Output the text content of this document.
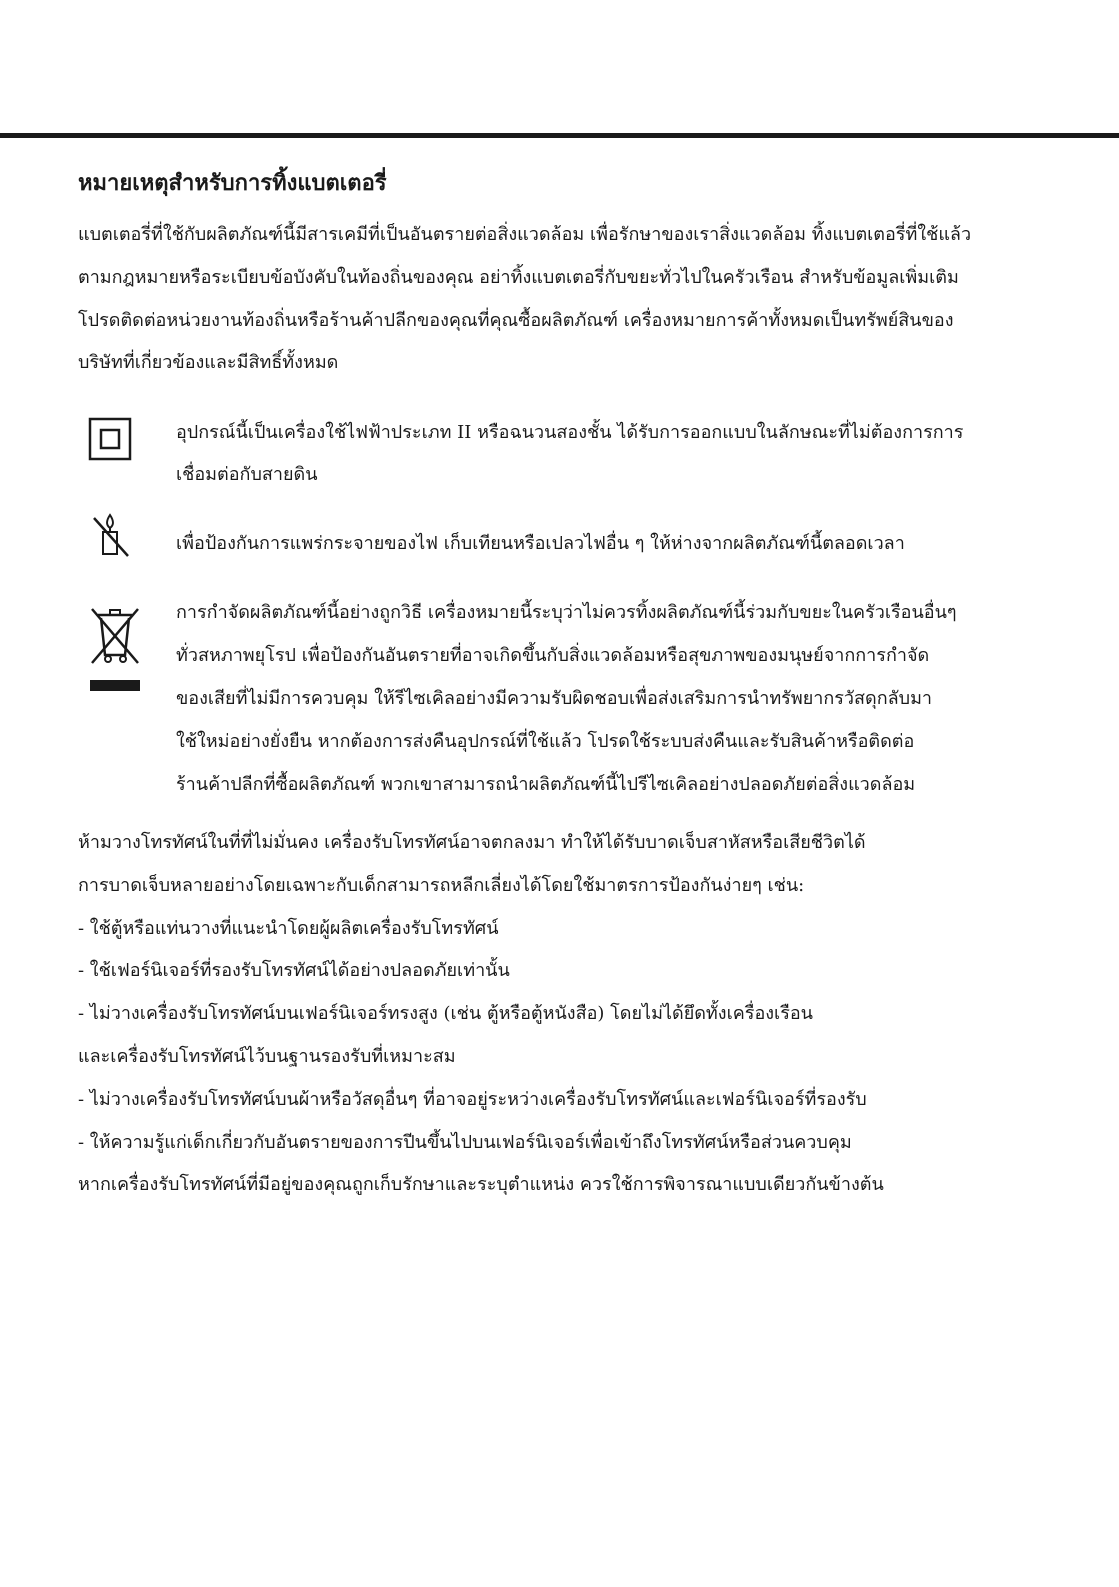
หมายเหตุสำหรับการทิ้งแบตเตอรี่
แบตเตอรี่ที่ใช้กับผลิตภัณฑ์นี้มีสารเคมีที่เป็นอันตรายต่อสิ่งแวดล้อม เพื่อรักษาของเราสิ่งแวดล้อม ทิ้งแบตเตอรี่ที่ใช้แล้ว
ตามกฎหมายหรือระเบียบข้อบังคับในท้องถิ่นของคุณ อย่าทิ้งแบตเตอรี่กับขยะทั่วไปในครัวเรือน สำหรับข้อมูลเพิ่มเติม
โปรดติดต่อหน่วยงานท้องถิ่นหรือร้านค้าปลีกของคุณที่คุณซื้อผลิตภัณฑ์ เครื่องหมายการค้าทั้งหมดเป็นทรัพย์สินของ
บริษัทที่เกี่ยวข้องและมีสิทธิ์ทั้งหมด
อุปกรณ์นี้เป็นเครื่องใช้ไฟฟ้าประเภท II หรือฉนวนสองชั้น ได้รับการออกแบบในลักษณะที่ไม่ต้องการการ
เชื่อมต่อกับสายดิน
เพื่อป้องกันการแพร่กระจายของไฟ เก็บเทียนหรือเปลวไฟอื่น ๆ ให้ห่างจากผลิตภัณฑ์นี้ตลอดเวลา
การกำจัดผลิตภัณฑ์นี้อย่างถูกวิธี เครื่องหมายนี้ระบุว่าไม่ควรทิ้งผลิตภัณฑ์นี้ร่วมกับขยะในครัวเรือนอื่นๆ
ทั่วสหภาพยุโรป เพื่อป้องกันอันตรายที่อาจเกิดขึ้นกับสิ่งแวดล้อมหรือสุขภาพของมนุษย์จากการกำจัด
ของเสียที่ไม่มีการควบคุม ให้รีไซเคิลอย่างมีความรับผิดชอบเพื่อส่งเสริมการนำทรัพยากรวัสดุกลับมา
ใช้ใหม่อย่างยั่งยืน หากต้องการส่งคืนอุปกรณ์ที่ใช้แล้ว โปรดใช้ระบบส่งคืนและรับสินค้าหรือติดต่อ
ร้านค้าปลีกที่ซื้อผลิตภัณฑ์ พวกเขาสามารถนำผลิตภัณฑ์นี้ไปรีไซเคิลอย่างปลอดภัยต่อสิ่งแวดล้อม
ห้ามวางโทรทัศน์ในที่ที่ไม่มั่นคง เครื่องรับโทรทัศน์อาจตกลงมา ทำให้ได้รับบาดเจ็บสาหัสหรือเสียชีวิตได้
การบาดเจ็บหลายอย่างโดยเฉพาะกับเด็กสามารถหลีกเลี่ยงได้โดยใช้มาตรการป้องกันง่ายๆ เช่น:
- ใช้ตู้หรือแท่นวางที่แนะนำโดยผู้ผลิตเครื่องรับโทรทัศน์
- ใช้เฟอร์นิเจอร์ที่รองรับโทรทัศน์ได้อย่างปลอดภัยเท่านั้น
- ไม่วางเครื่องรับโทรทัศน์บนเฟอร์นิเจอร์ทรงสูง (เช่น ตู้หรือตู้หนังสือ) โดยไม่ได้ยึดทั้งเครื่องเรือน
และเครื่องรับโทรทัศน์ไว้บนฐานรองรับที่เหมาะสม
- ไม่วางเครื่องรับโทรทัศน์บนผ้าหรือวัสดุอื่นๆ ที่อาจอยู่ระหว่างเครื่องรับโทรทัศน์และเฟอร์นิเจอร์ที่รองรับ
- ให้ความรู้แก่เด็กเกี่ยวกับอันตรายของการปีนขึ้นไปบนเฟอร์นิเจอร์เพื่อเข้าถึงโทรทัศน์หรือส่วนควบคุม
หากเครื่องรับโทรทัศน์ที่มีอยู่ของคุณถูกเก็บรักษาและระบุตำแหน่ง ควรใช้การพิจารณาแบบเดียวกันข้างต้น
